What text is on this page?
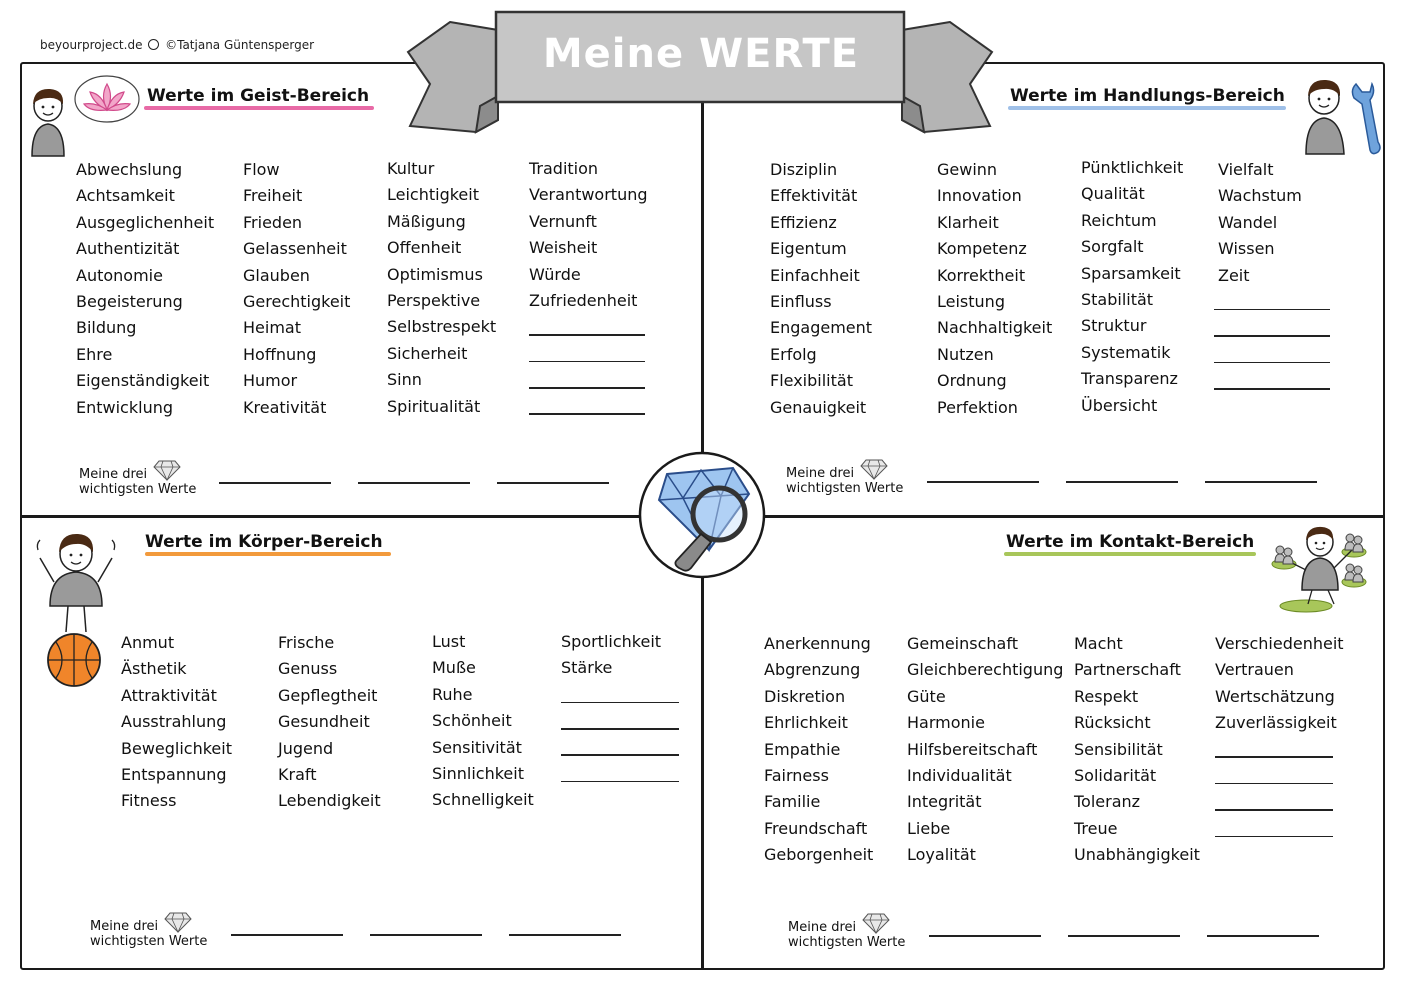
beyourproject.de ©Tatjana Güntensperger	Meine WERTE
Werte im Geist-Bereich
Abwechslung
Achtsamkeit
Ausgeglichenheit
Authentizität
Autonomie
Begeisterung
Bildung
Ehre
Eigenständigkeit
Entwicklung
Flow
Freiheit
Frieden
Gelassenheit
Glauben
Gerechtigkeit
Heimat
Hoffnung
Humor
Kreativität
Kultur
Leichtigkeit
Mäßigung
Offenheit
Optimismus
Perspektive
Selbstrespekt
Sicherheit
Sinn
Spiritualität
Tradition
Verantwortung
Vernunft
Weisheit
Würde
Zufriedenheit
Meine drei
wichtigsten Werte
Werte im Handlungs-Bereich
Disziplin
Effektivität
Effizienz
Eigentum
Einfachheit
Einfluss
Engagement
Erfolg
Flexibilität
Genauigkeit
Gewinn
Innovation
Klarheit
Kompetenz
Korrektheit
Leistung
Nachhaltigkeit
Nutzen
Ordnung
Perfektion
Pünktlichkeit
Qualität
Reichtum
Sorgfalt
Sparsamkeit
Stabilität
Struktur
Systematik
Transparenz
Übersicht
Vielfalt
Wachstum
Wandel
Wissen
Zeit
Meine drei
wichtigsten Werte
Werte im Körper-Bereich
Anmut
Ästhetik
Attraktivität
Ausstrahlung
Beweglichkeit
Entspannung
Fitness
Frische
Genuss
Gepflegtheit
Gesundheit
Jugend
Kraft
Lebendigkeit
Lust
Muße
Ruhe
Schönheit
Sensitivität
Sinnlichkeit
Schnelligkeit
Sportlichkeit
Stärke
Meine drei
wichtigsten Werte
Werte im Kontakt-Bereich
Anerkennung
Abgrenzung
Diskretion
Ehrlichkeit
Empathie
Fairness
Familie
Freundschaft
Geborgenheit
Gemeinschaft
Gleichberechtigung
Güte
Harmonie
Hilfsbereitschaft
Individualität
Integrität
Liebe
Loyalität
Macht
Partnerschaft
Respekt
Rücksicht
Sensibilität
Solidarität
Toleranz
Treue
Unabhängigkeit
Verschiedenheit
Vertrauen
Wertschätzung
Zuverlässigkeit
Meine drei
wichtigsten Werte
